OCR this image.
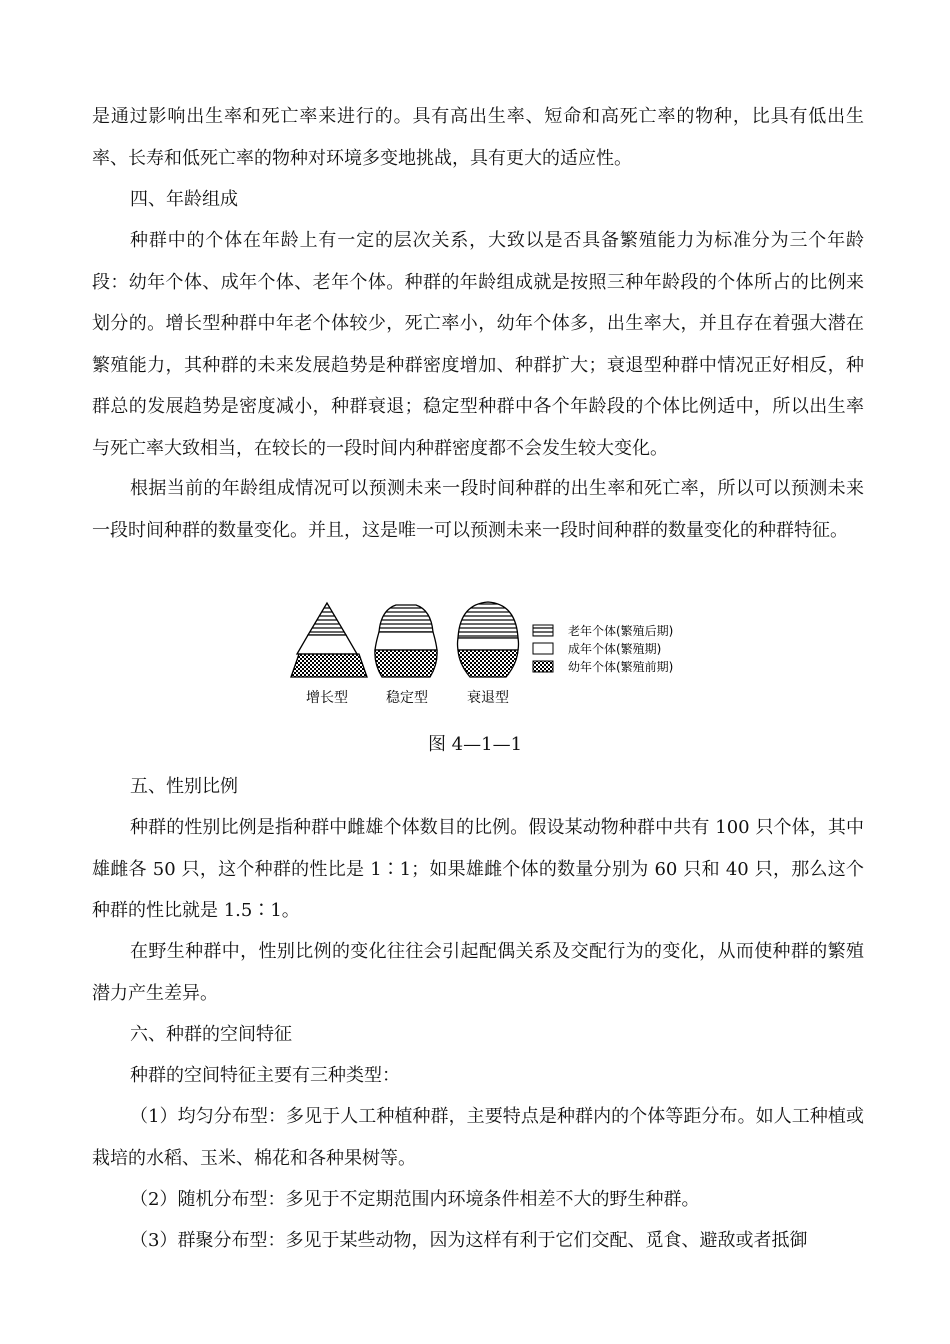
是通过影响出生率和死亡率来进行的。具有高出生率、短命和高死亡率的物种，比具有低出生率、长寿和低死亡率的物种对环境多变地挑战，具有更大的适应性。

四、年龄组成

种群中的个体在年龄上有一定的层次关系，大致以是否具备繁殖能力为标准分为三个年龄段：幼年个体、成年个体、老年个体。种群的年龄组成就是按照三种年龄段的个体所占的比例来划分的。增长型种群中年老个体较少，死亡率小，幼年个体多，出生率大，并且存在着强大潜在繁殖能力，其种群的未来发展趋势是种群密度增加、种群扩大；衰退型种群中情况正好相反，种群总的发展趋势是密度减小，种群衰退；稳定型种群中各个年龄段的个体比例适中，所以出生率与死亡率大致相当，在较长的一段时间内种群密度都不会发生较大变化。

根据当前的年龄组成情况可以预测未来一段时间种群的出生率和死亡率，所以可以预测未来一段时间种群的数量变化。并且，这是唯一可以预测未来一段时间种群的数量变化的种群特征。

增长型	稳定型	衰退型
老年个体(繁殖后期)
成年个体(繁殖期)
幼年个体(繁殖前期)
图 4—1—1

五、性别比例

种群的性别比例是指种群中雌雄个体数目的比例。假设某动物种群中共有 100 只个体，其中雄雌各 50 只，这个种群的性比是 1∶1；如果雄雌个体的数量分别为 60 只和 40 只，那么这个种群的性比就是 1.5∶1。

在野生种群中，性别比例的变化往往会引起配偶关系及交配行为的变化，从而使种群的繁殖潜力产生差异。

六、种群的空间特征

种群的空间特征主要有三种类型：

（1）均匀分布型：多见于人工种植种群，主要特点是种群内的个体等距分布。如人工种植或栽培的水稻、玉米、棉花和各种果树等。

（2）随机分布型：多见于不定期范围内环境条件相差不大的野生种群。

（3）群聚分布型：多见于某些动物，因为这样有利于它们交配、觅食、避敌或者抵御
